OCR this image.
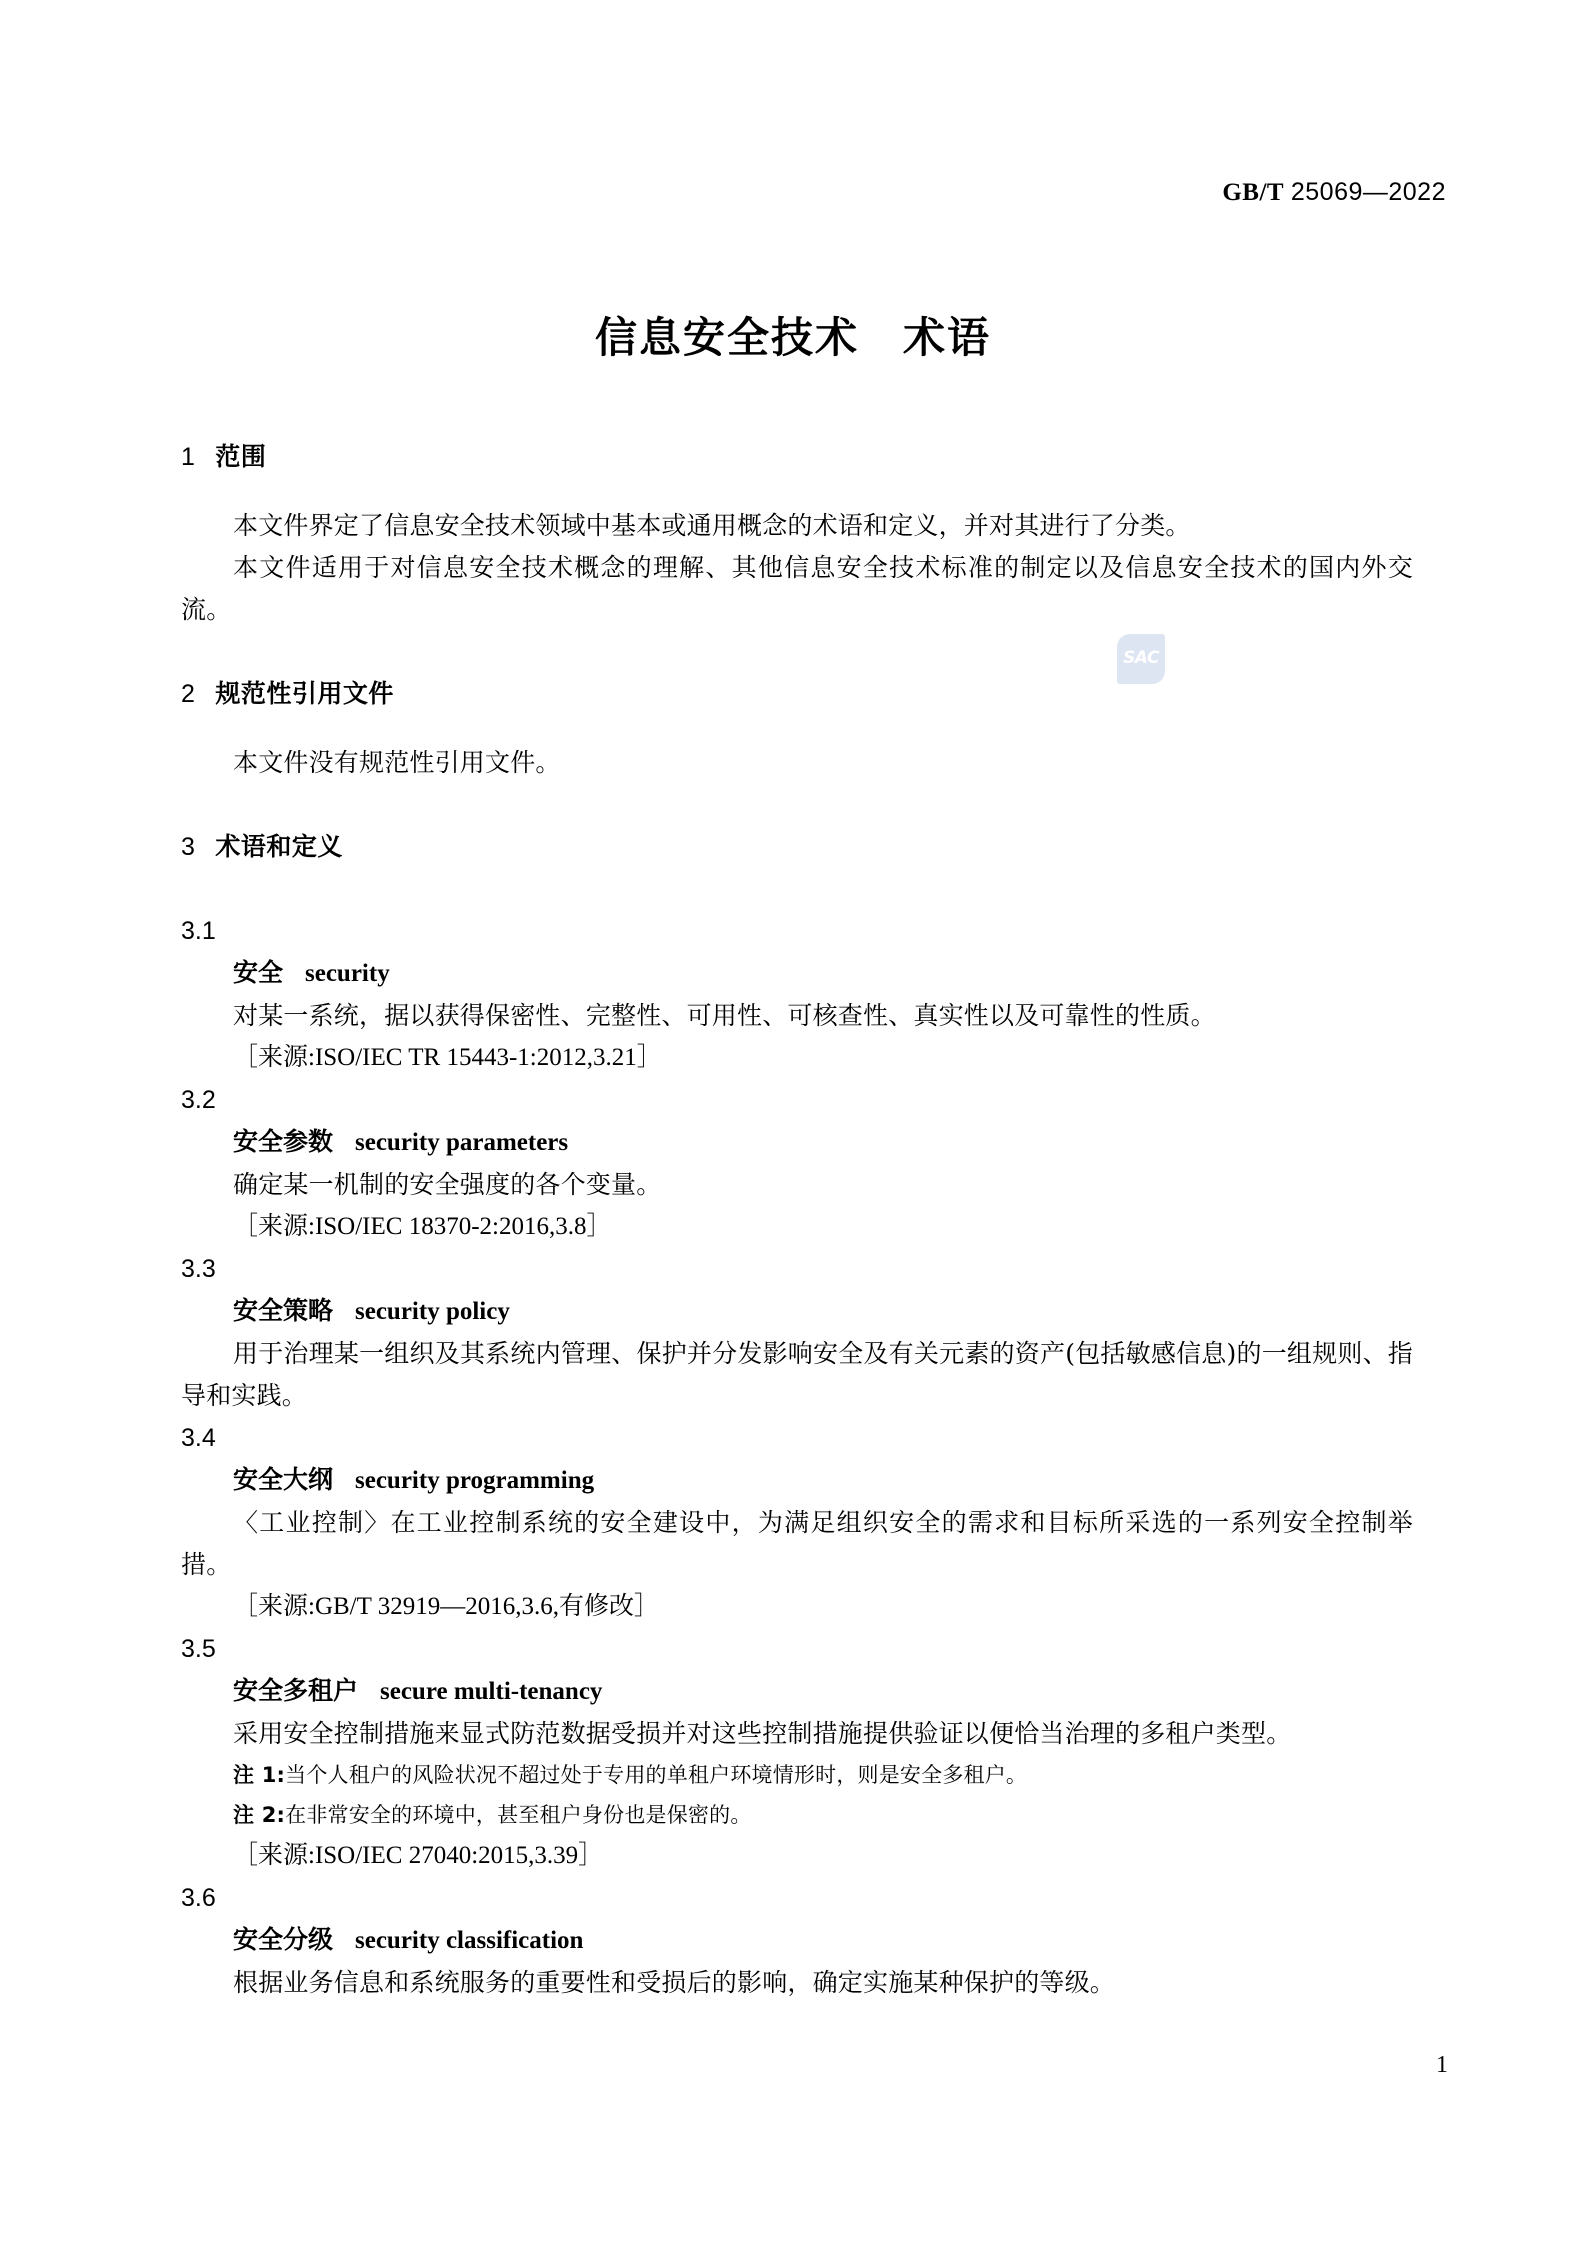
GB/T 25069—2022
信息安全技术　术语
SAC
1 范围

本文件界定了信息安全技术领域中基本或通用概念的术语和定义，并对其进行了分类。

本文件适用于对信息安全技术概念的理解、其他信息安全技术标准的制定以及信息安全技术的国内外交流。

2 规范性引用文件

本文件没有规范性引用文件。

3 术语和定义

3.1

安全 security

对某一系统，据以获得保密性、完整性、可用性、可核查性、真实性以及可靠性的性质。

［来源:ISO/IEC TR 15443-1:2012,3.21］

3.2

安全参数 security parameters

确定某一机制的安全强度的各个变量。

［来源:ISO/IEC 18370-2:2016,3.8］

3.3

安全策略 security policy

用于治理某一组织及其系统内管理、保护并分发影响安全及有关元素的资产(包括敏感信息)的一组规则、指导和实践。

3.4

安全大纲 security programming

〈工业控制〉在工业控制系统的安全建设中，为满足组织安全的需求和目标所采选的一系列安全控制举措。

［来源:GB/T 32919—2016,3.6,有修改］

3.5

安全多租户 secure multi-tenancy

采用安全控制措施来显式防范数据受损并对这些控制措施提供验证以便恰当治理的多租户类型。

注 1:当个人租户的风险状况不超过处于专用的单租户环境情形时，则是安全多租户。

注 2:在非常安全的环境中，甚至租户身份也是保密的。

［来源:ISO/IEC 27040:2015,3.39］

3.6

安全分级 security classification

根据业务信息和系统服务的重要性和受损后的影响，确定实施某种保护的等级。

1
